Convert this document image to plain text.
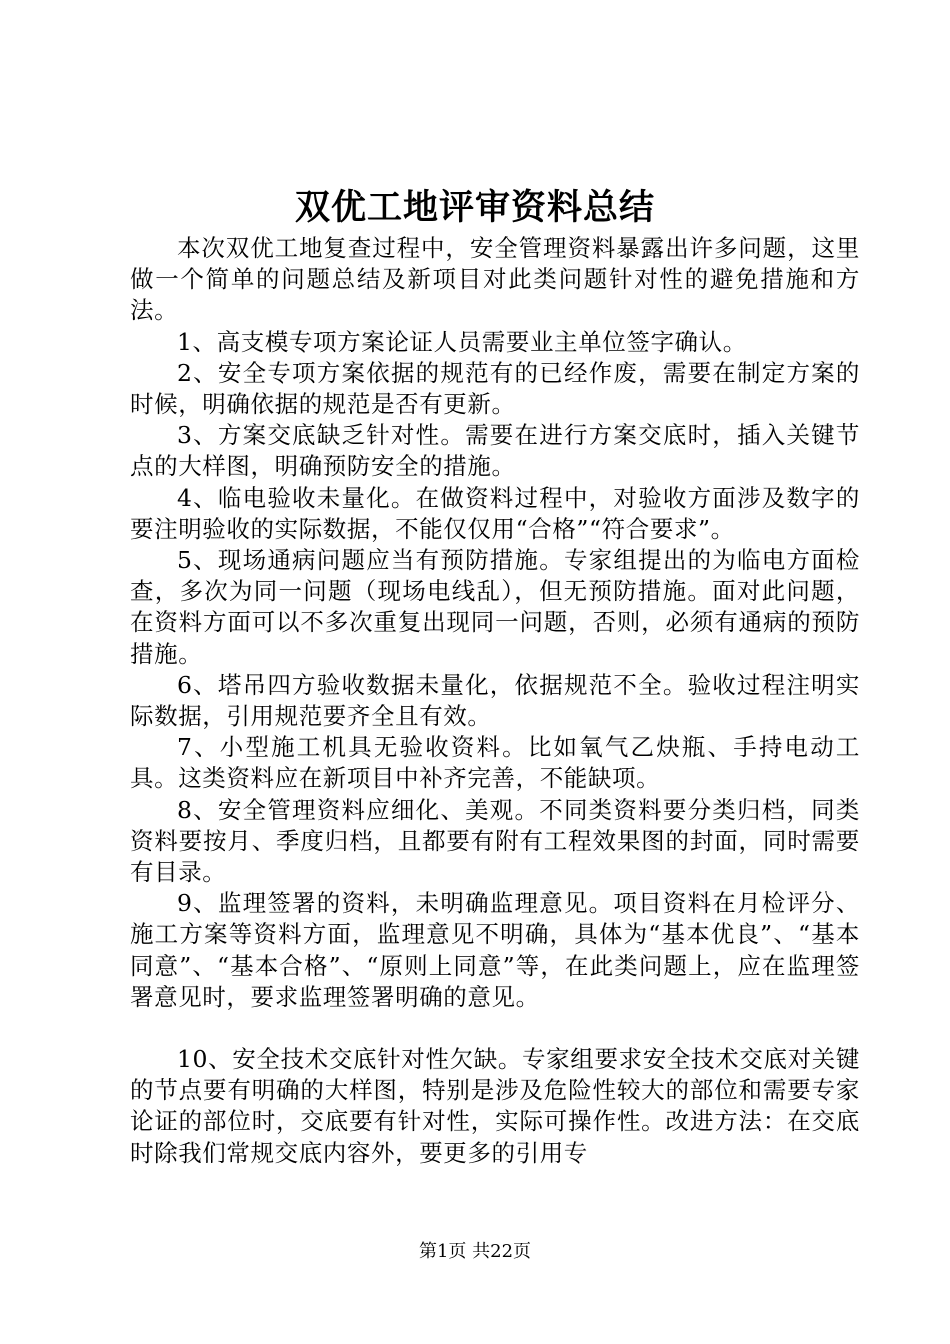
双优工地评审资料总结

本次双优工地复查过程中，安全管理资料暴露出许多问题，这里做一个简单的问题总结及新项目对此类问题针对性的避免措施和方法。

1、高支模专项方案论证人员需要业主单位签字确认。

2、安全专项方案依据的规范有的已经作废，需要在制定方案的时候，明确依据的规范是否有更新。

3、方案交底缺乏针对性。需要在进行方案交底时，插入关键节点的大样图，明确预防安全的措施。

4、临电验收未量化。在做资料过程中，对验收方面涉及数字的要注明验收的实际数据，不能仅仅用“合格”“符合要求”。

5、现场通病问题应当有预防措施。专家组提出的为临电方面检查，多次为同一问题（现场电线乱），但无预防措施。面对此问题，在资料方面可以不多次重复出现同一问题，否则，必须有通病的预防措施。

6、塔吊四方验收数据未量化，依据规范不全。验收过程注明实际数据，引用规范要齐全且有效。

7、小型施工机具无验收资料。比如氧气乙炔瓶、手持电动工具。这类资料应在新项目中补齐完善，不能缺项。

8、安全管理资料应细化、美观。不同类资料要分类归档，同类资料要按月、季度归档，且都要有附有工程效果图的封面，同时需要有目录。

9、监理签署的资料，未明确监理意见。项目资料在月检评分、施工方案等资料方面，监理意见不明确，具体为“基本优良”、“基本同意”、“基本合格”、“原则上同意”等，在此类问题上，应在监理签署意见时，要求监理签署明确的意见。

10、安全技术交底针对性欠缺。专家组要求安全技术交底对关键的节点要有明确的大样图，特别是涉及危险性较大的部位和需要专家论证的部位时，交底要有针对性，实际可操作性。改进方法：在交底时除我们常规交底内容外，要更多的引用专

第1页 共22页
